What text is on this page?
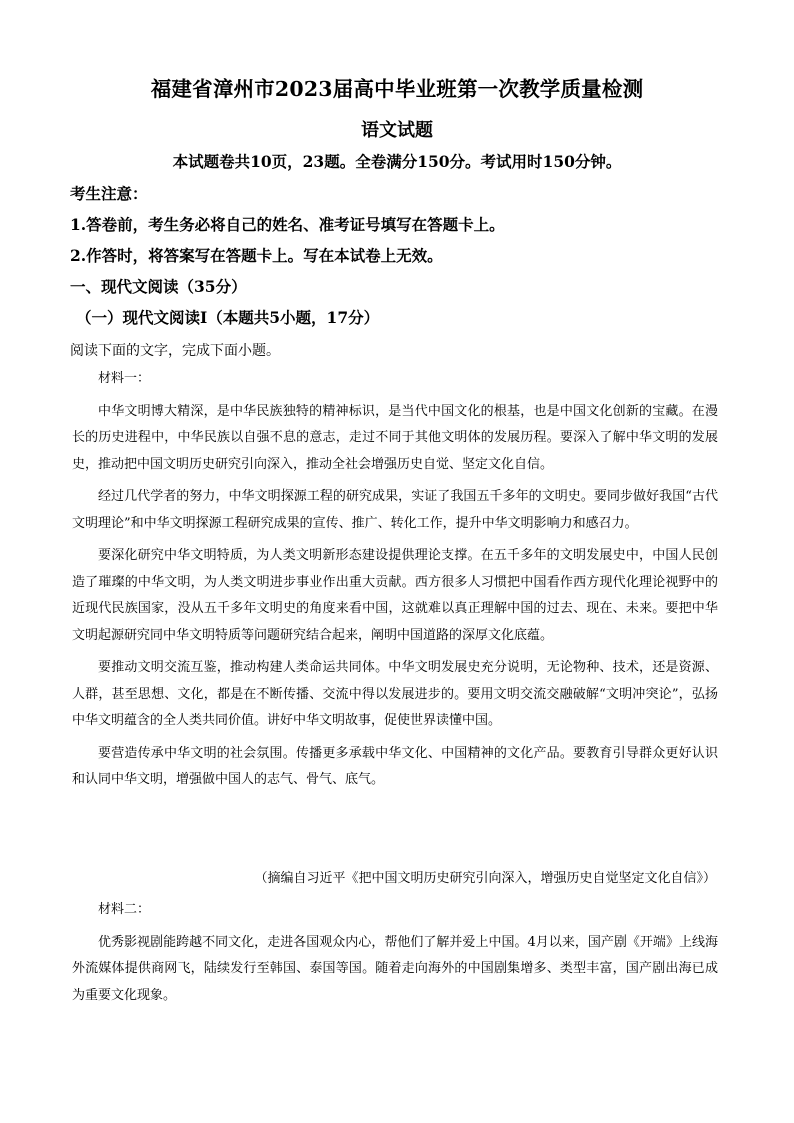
福建省漳州市2023届高中毕业班第一次教学质量检测
语文试题
本试题卷共10页，23题。全卷满分150分。考试用时150分钟。
考生注意：
1.答卷前，考生务必将自己的姓名、准考证号填写在答题卡上。
2.作答时，将答案写在答题卡上。写在本试卷上无效。
一、现代文阅读（35分）
（一）现代文阅读Ⅰ（本题共5小题，17分）
阅读下面的文字，完成下面小题。

材料一：

中华文明博大精深，是中华民族独特的精神标识，是当代中国文化的根基，也是中国文化创新的宝藏。在漫长的历史进程中，中华民族以自强不息的意志，走过不同于其他文明体的发展历程。要深入了解中华文明的发展史，推动把中国文明历史研究引向深入，推动全社会增强历史自觉、坚定文化自信。

经过几代学者的努力，中华文明探源工程的研究成果，实证了我国五千多年的文明史。要同步做好我国“古代文明理论”和中华文明探源工程研究成果的宣传、推广、转化工作，提升中华文明影响力和感召力。

要深化研究中华文明特质，为人类文明新形态建设提供理论支撑。在五千多年的文明发展史中，中国人民创造了璀璨的中华文明，为人类文明进步事业作出重大贡献。西方很多人习惯把中国看作西方现代化理论视野中的近现代民族国家，没从五千多年文明史的角度来看中国，这就难以真正理解中国的过去、现在、未来。要把中华文明起源研究同中华文明特质等问题研究结合起来，阐明中国道路的深厚文化底蕴。

要推动文明交流互鉴，推动构建人类命运共同体。中华文明发展史充分说明，无论物种、技术，还是资源、人群，甚至思想、文化，都是在不断传播、交流中得以发展进步的。要用文明交流交融破解“文明冲突论”，弘扬中华文明蕴含的全人类共同价值。讲好中华文明故事，促使世界读懂中国。

要营造传承中华文明的社会氛围。传播更多承载中华文化、中国精神的文化产品。要教育引导群众更好认识和认同中华文明，增强做中国人的志气、骨气、底气。

（摘编自习近平《把中国文明历史研究引向深入，增强历史自觉坚定文化自信》）

材料二：

优秀影视剧能跨越不同文化，走进各国观众内心，帮他们了解并爱上中国。4月以来，国产剧《开端》上线海外流媒体提供商网飞，陆续发行至韩国、泰国等国。随着走向海外的中国剧集增多、类型丰富，国产剧出海已成为重要文化现象。
